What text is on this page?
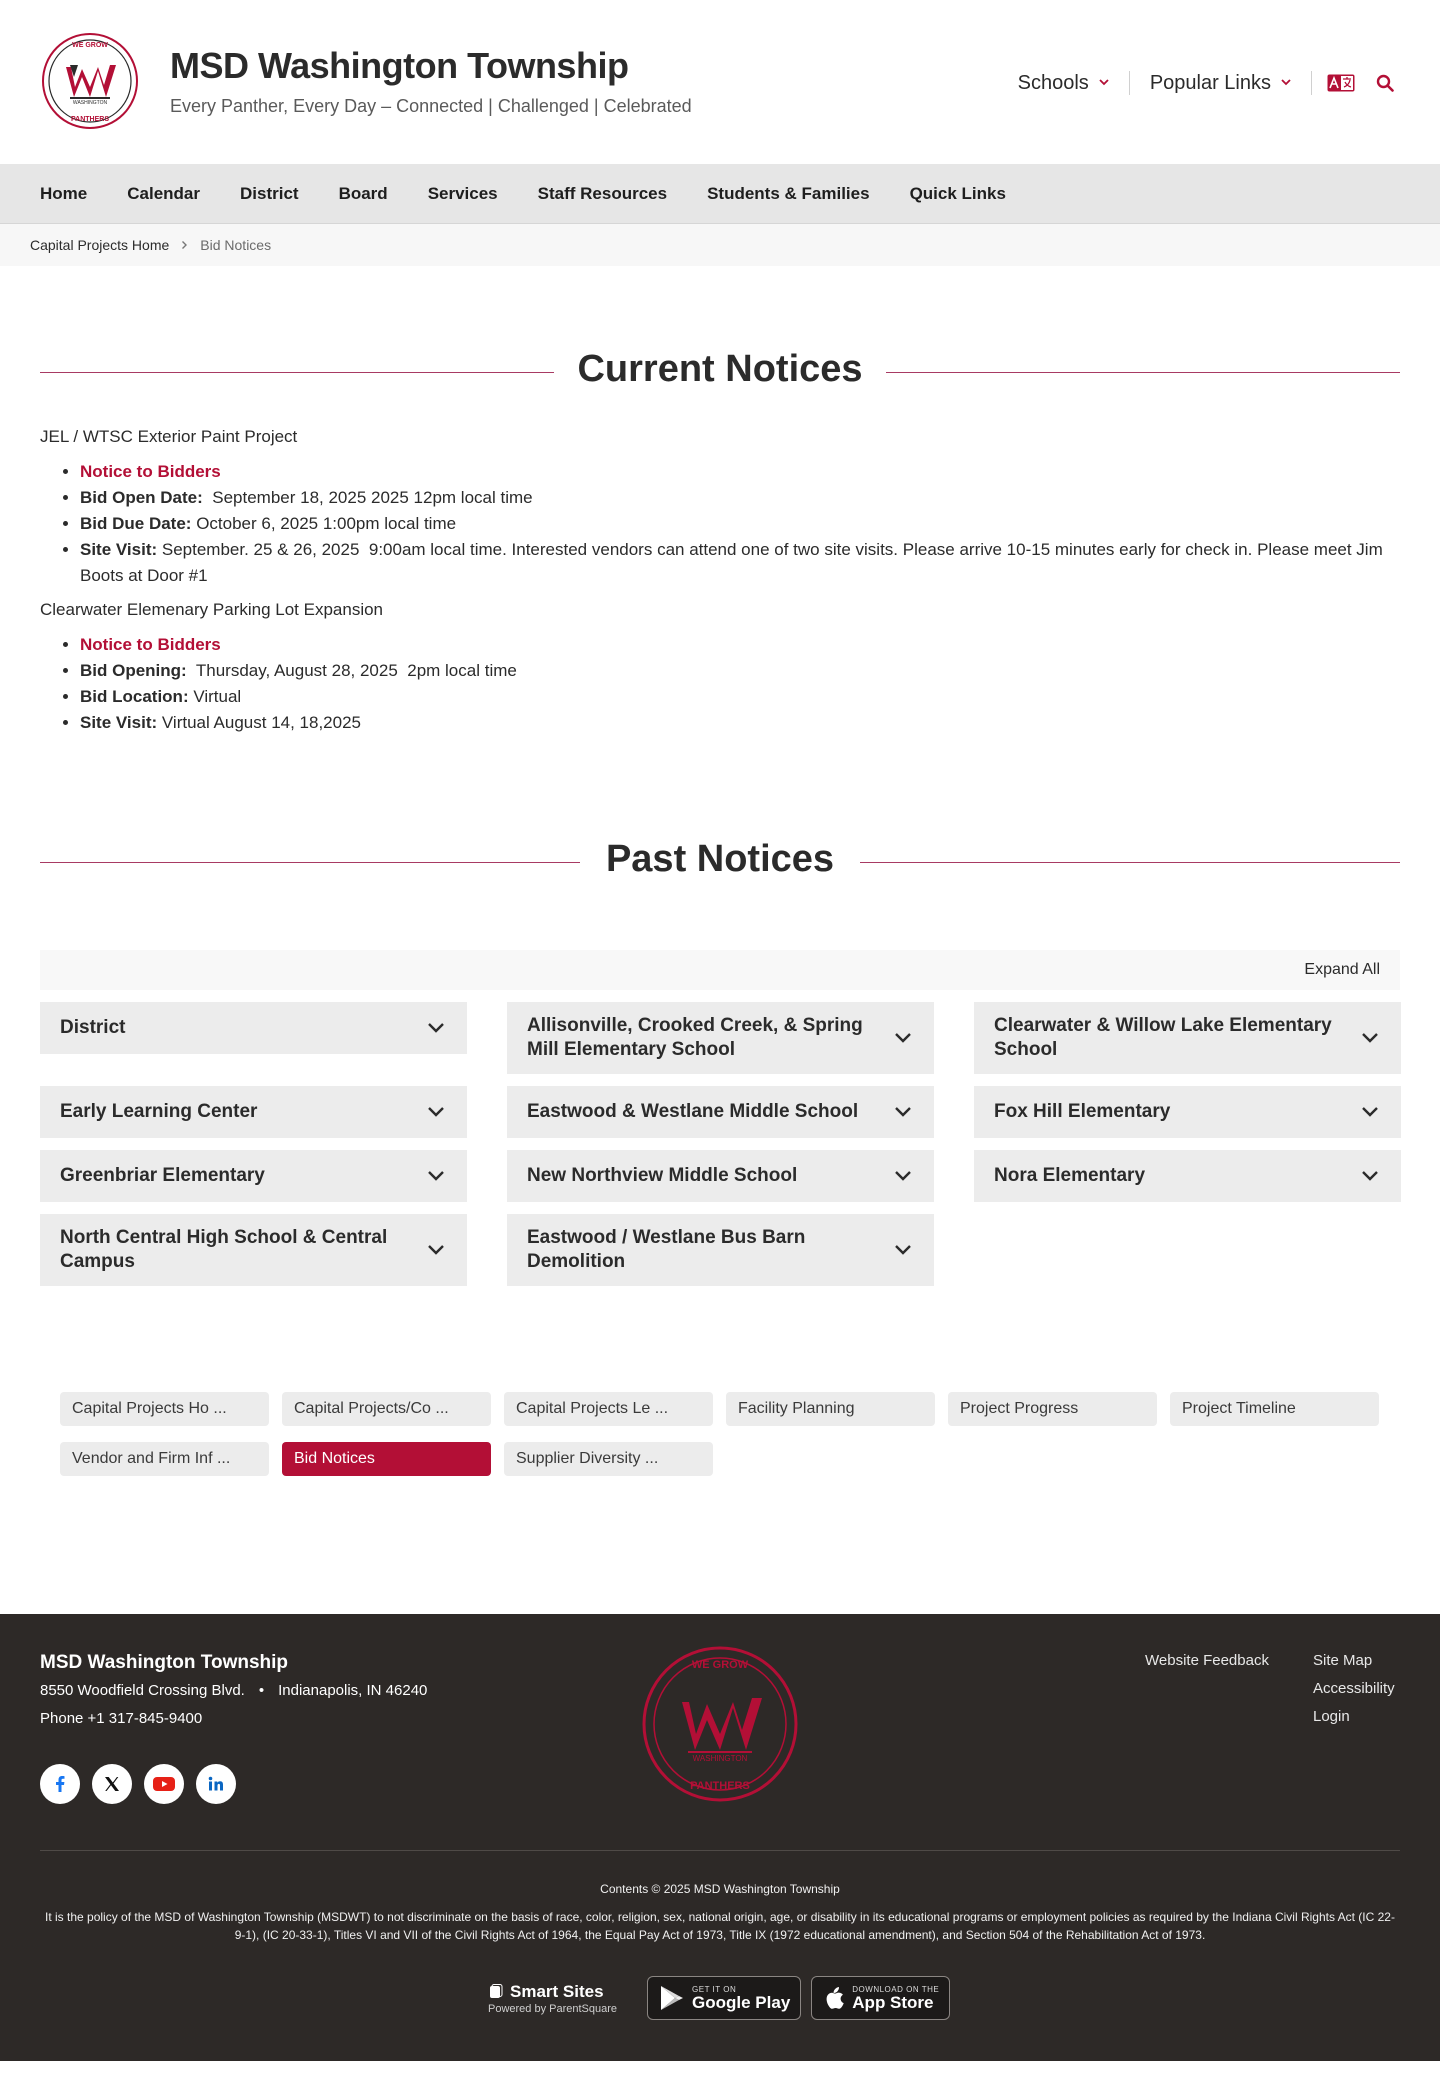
WE GROW
WASHINGTON
PANTHERS
MSD Washington Township
Every Panther, Every Day – Connected | Challenged | Celebrated
Schools	Popular Links
Home Calendar District Board Services Staff Resources Students & Families Quick Links
Capital Projects Home Bid Notices
Current Notices

JEL / WTSC Exterior Paint Project

• Notice to Bidders
• Bid Open Date:  September 18, 2025 2025 12pm local time
• Bid Due Date: October 6, 2025 1:00pm local time
• Site Visit: September. 25 & 26, 2025  9:00am local time. Interested vendors can attend one of two site visits. Please arrive 10-15 minutes early for check in. Please meet Jim Boots at Door #1

Clearwater Elemenary Parking Lot Expansion

• Notice to Bidders
• Bid Opening:  Thursday, August 28, 2025  2pm local time
• Bid Location: Virtual
• Site Visit: Virtual August 14, 18,2025
Past Notices
Expand All
District	Allisonville, Crooked Creek, & Spring Mill Elementary School
Clearwater & Willow Lake Elementary School
Early Learning Center	Eastwood & Westlane Middle School	Fox Hill Elementary
Greenbriar Elementary	New Northview Middle School	Nora Elementary
North Central High School & Central Campus
Eastwood / Westlane Bus Barn Demolition
Capital Projects Ho ...	Capital Projects/Co ...	Capital Projects Le ...	Facility Planning	Project Progress	Project Timeline
Vendor and Firm Inf ...	Bid Notices	Supplier Diversity ...
MSD Washington Township
8550 Woodfield Crossing Blvd. • Indianapolis, IN 46240
Phone +1 317-845-9400
WE GROW
WASHINGTON
PANTHERS
Website Feedback	Site Map
Accessibility
Login
Contents © 2025 MSD Washington Township
It is the policy of the MSD of Washington Township (MSDWT) to not discriminate on the basis of race, color, religion, sex, national origin, age, or disability in its educational programs or employment policies as required by the Indiana Civil Rights Act (IC 22-9-1), (IC 20-33-1), Titles VI and VII of the Civil Rights Act of 1964, the Equal Pay Act of 1973, Title IX (1972 educational amendment), and Section 504 of the Rehabilitation Act of 1973.
Smart Sites
Powered by ParentSquare
GET IT ON
Google Play
DOWNLOAD ON THE
App Store
